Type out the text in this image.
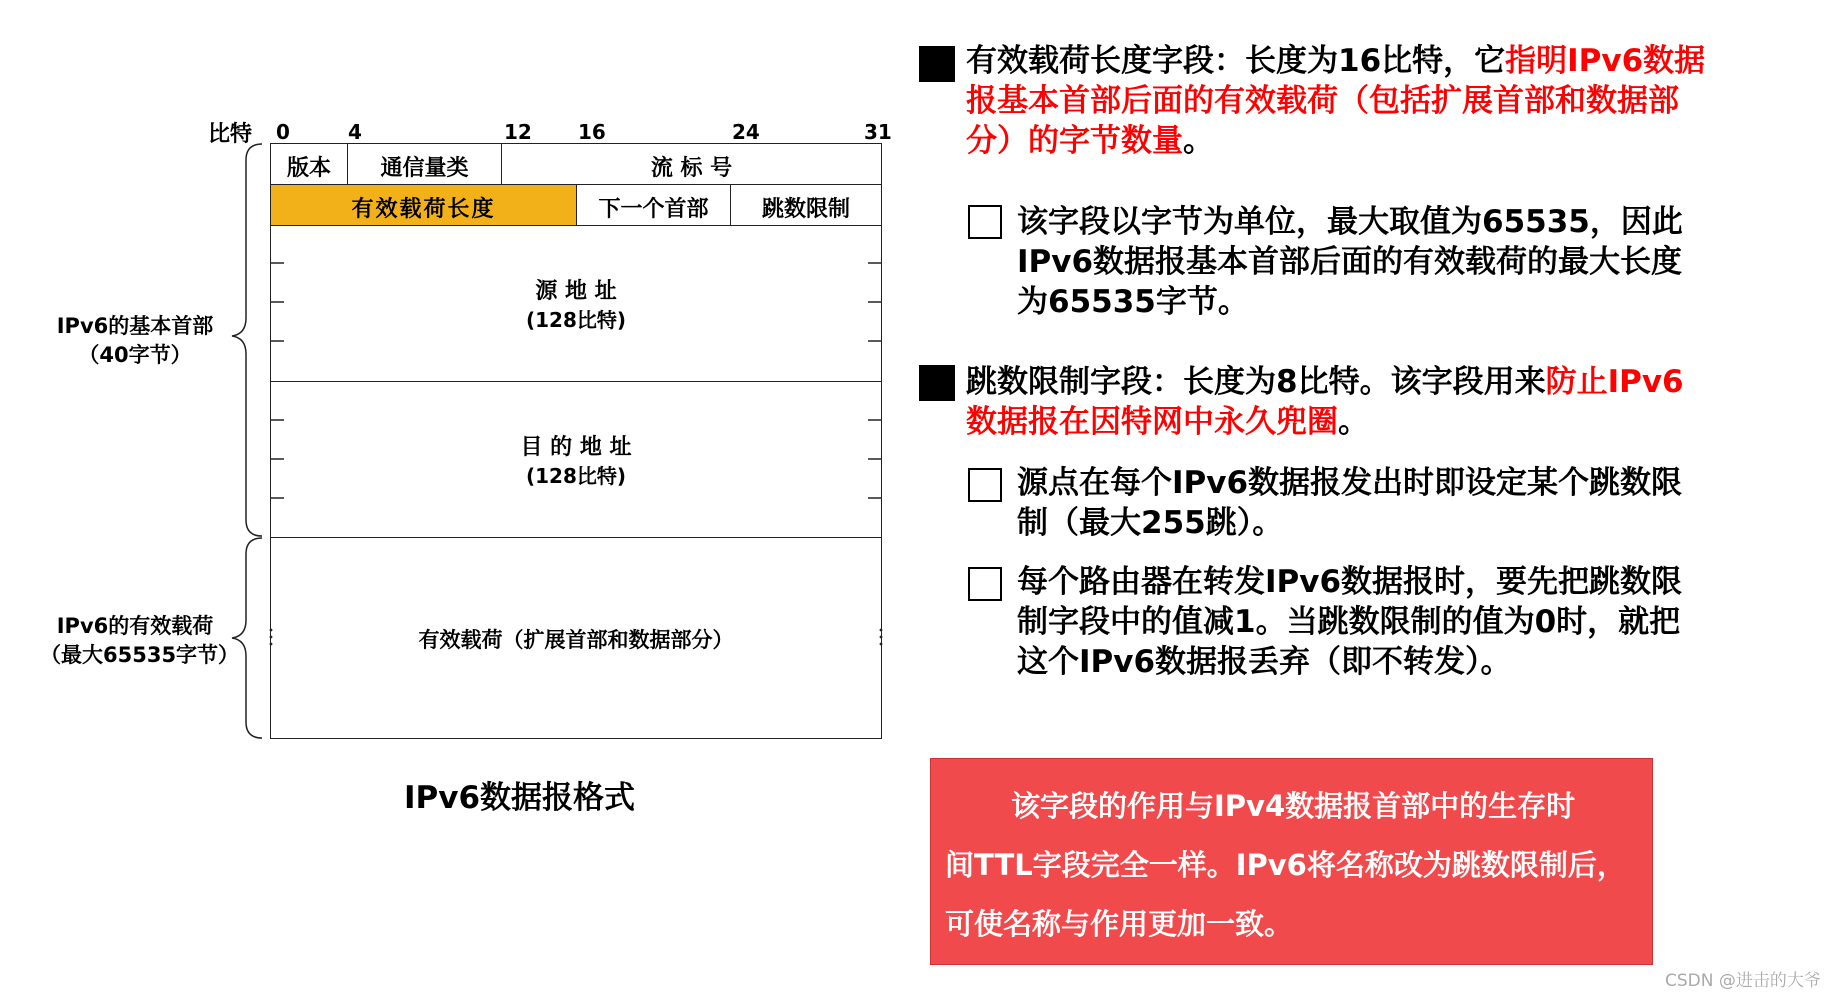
比特 0	4	12 16	24	31
版本	通信量类	流 标 号
有效载荷长度	下一个首部	跳数限制
源 地 址
(128比特)
目 的 地 址
(128比特)
有效载荷（扩展首部和数据部分）
IPv6的基本首部
（40字节）
IPv6的有效载荷
（最大65535字节）
IPv6数据报格式
有效载荷长度字段：长度为16比特，它指明IPv6数据
报基本首部后面的有效载荷（包括扩展首部和数据部
分）的字节数量。
该字段以字节为单位，最大取值为65535，因此
IPv6数据报基本首部后面的有效载荷的最大长度
为65535字节。
跳数限制字段：长度为8比特。该字段用来防止IPv6
数据报在因特网中永久兜圈。
源点在每个IPv6数据报发出时即设定某个跳数限
制（最大255跳）。
每个路由器在转发IPv6数据报时，要先把跳数限
制字段中的值减1。当跳数限制的值为0时，就把
这个IPv6数据报丢弃（即不转发）。
该字段的作用与IPv4数据报首部中的生存时
间TTL字段完全一样。IPv6将名称改为跳数限制后，
可使名称与作用更加一致。
CSDN @进击的大爷
